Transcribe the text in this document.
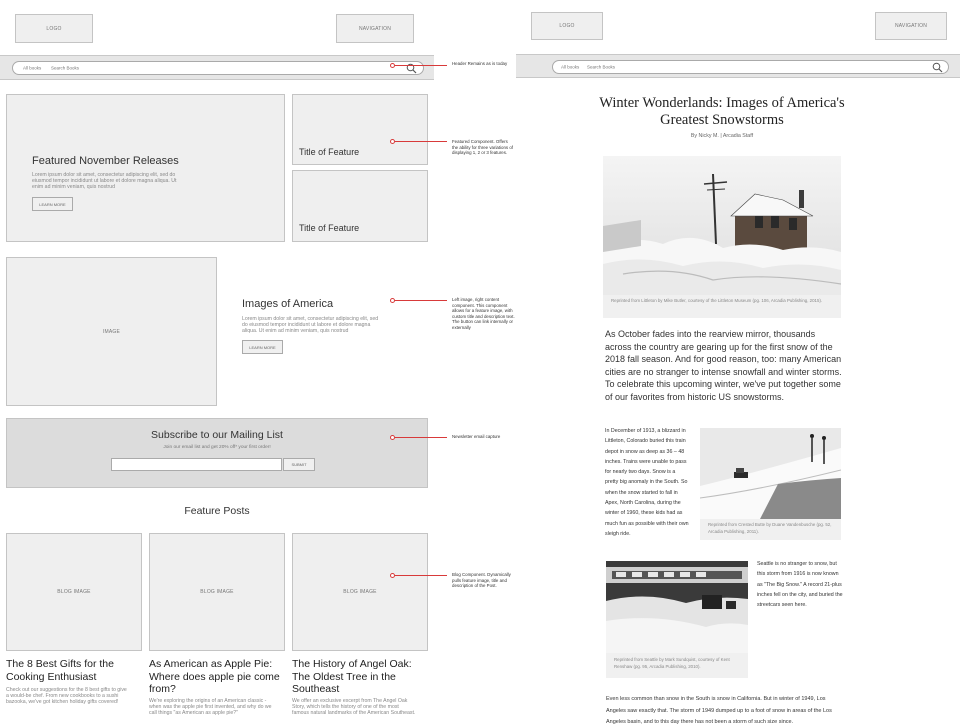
LOGO	NAVIGATION
All books Search Books
Featured November Releases
Lorem ipsum dolor sit amet, consectetur adipiscing elit, sed do eiusmod tempor incididunt ut labore et dolore magna aliqua. Ut enim ad minim veniam, quis nostrud
LEARN MORE
Title of Feature
Title of Feature
IMAGE
Images of America
Lorem ipsum dolor sit amet, consectetur adipiscing elit, sed do eiusmod tempor incididunt ut labore et dolore magna aliqua. Ut enim ad minim veniam, quis nostrud
LEARN MORE
Subscribe to our Mailing List
Join our email list and get 20% off* your first order!
SUBMIT
Feature Posts
BLOG IMAGE
The 8 Best Gifts for the Cooking Enthusiast
Check out our suggestions for the 8 best gifts to give a would-be chef. From new cookbooks to a sushi bazooka, we've got kitchen holiday gifts covered!
BLOG IMAGE
As American as Apple Pie: Where does apple pie come from?
We're exploring the origins of an American classic - when was the apple pie first invented, and why do we call things "as American as apple pie?"
BLOG IMAGE
The History of Angel Oak: The Oldest Tree in the Southeast
We offer an exclusive excerpt from The Angel Oak Story, which tells the history of one of the most famous natural landmarks of the American Southeast.
Header Remains as is today
Featured Component. Offers the ability for three variations of displaying 1, 2 or 3 features.
Left image, right content component. This component allows for a feature image, with custom title and description text. The button can link internally or externally
Newsletter email capture
Blog Component. Dynamically pulls feature image, title and description of the Post.
LOGO	NAVIGATION
All books Search Books
Winter Wonderlands: Images of America's Greatest Snowstorms
By Nicky M. | Arcadia Staff
Reprinted from Littleton by Mike Butler, courtesy of the Littleton Museum (pg. 106, Arcadia Publishing, 2015).
As October fades into the rearview mirror, thousands across the country are gearing up for the first snow of the 2018 fall season. And for good reason, too: many American cities are no stranger to intense snowfall and winter storms. To celebrate this upcoming winter, we've put together some of our favorites from historic US snowstorms.
In December of 1913, a blizzard in Littleton, Colorado buried this train depot in snow as deep as 36 – 48 inches. Trains were unable to pass for nearly two days. Snow is a pretty big anomaly in the South. So when the snow started to fall in Apex, North Carolina, during the winter of 1960, these kids had as much fun as possible with their own sleigh ride.
Reprinted from Crested Butte by Duane Vandenbusche (pg. 52, Arcadia Publishing, 2011).
Reprinted from Seattle by Mark Sundquist, courtesy of Kent Renshaw (pg. 95, Arcadia Publishing, 2010).
Seattle is no stranger to snow, but this storm from 1916 is now known as "The Big Snow." A record 21-plus inches fell on the city, and buried the streetcars seen here.
Even less common than snow in the South is snow in California. But in winter of 1949, Los Angeles saw exactly that. The storm of 1949 dumped up to a foot of snow in areas of the Los Angeles basin, and to this day there has not been a storm of such size since.
